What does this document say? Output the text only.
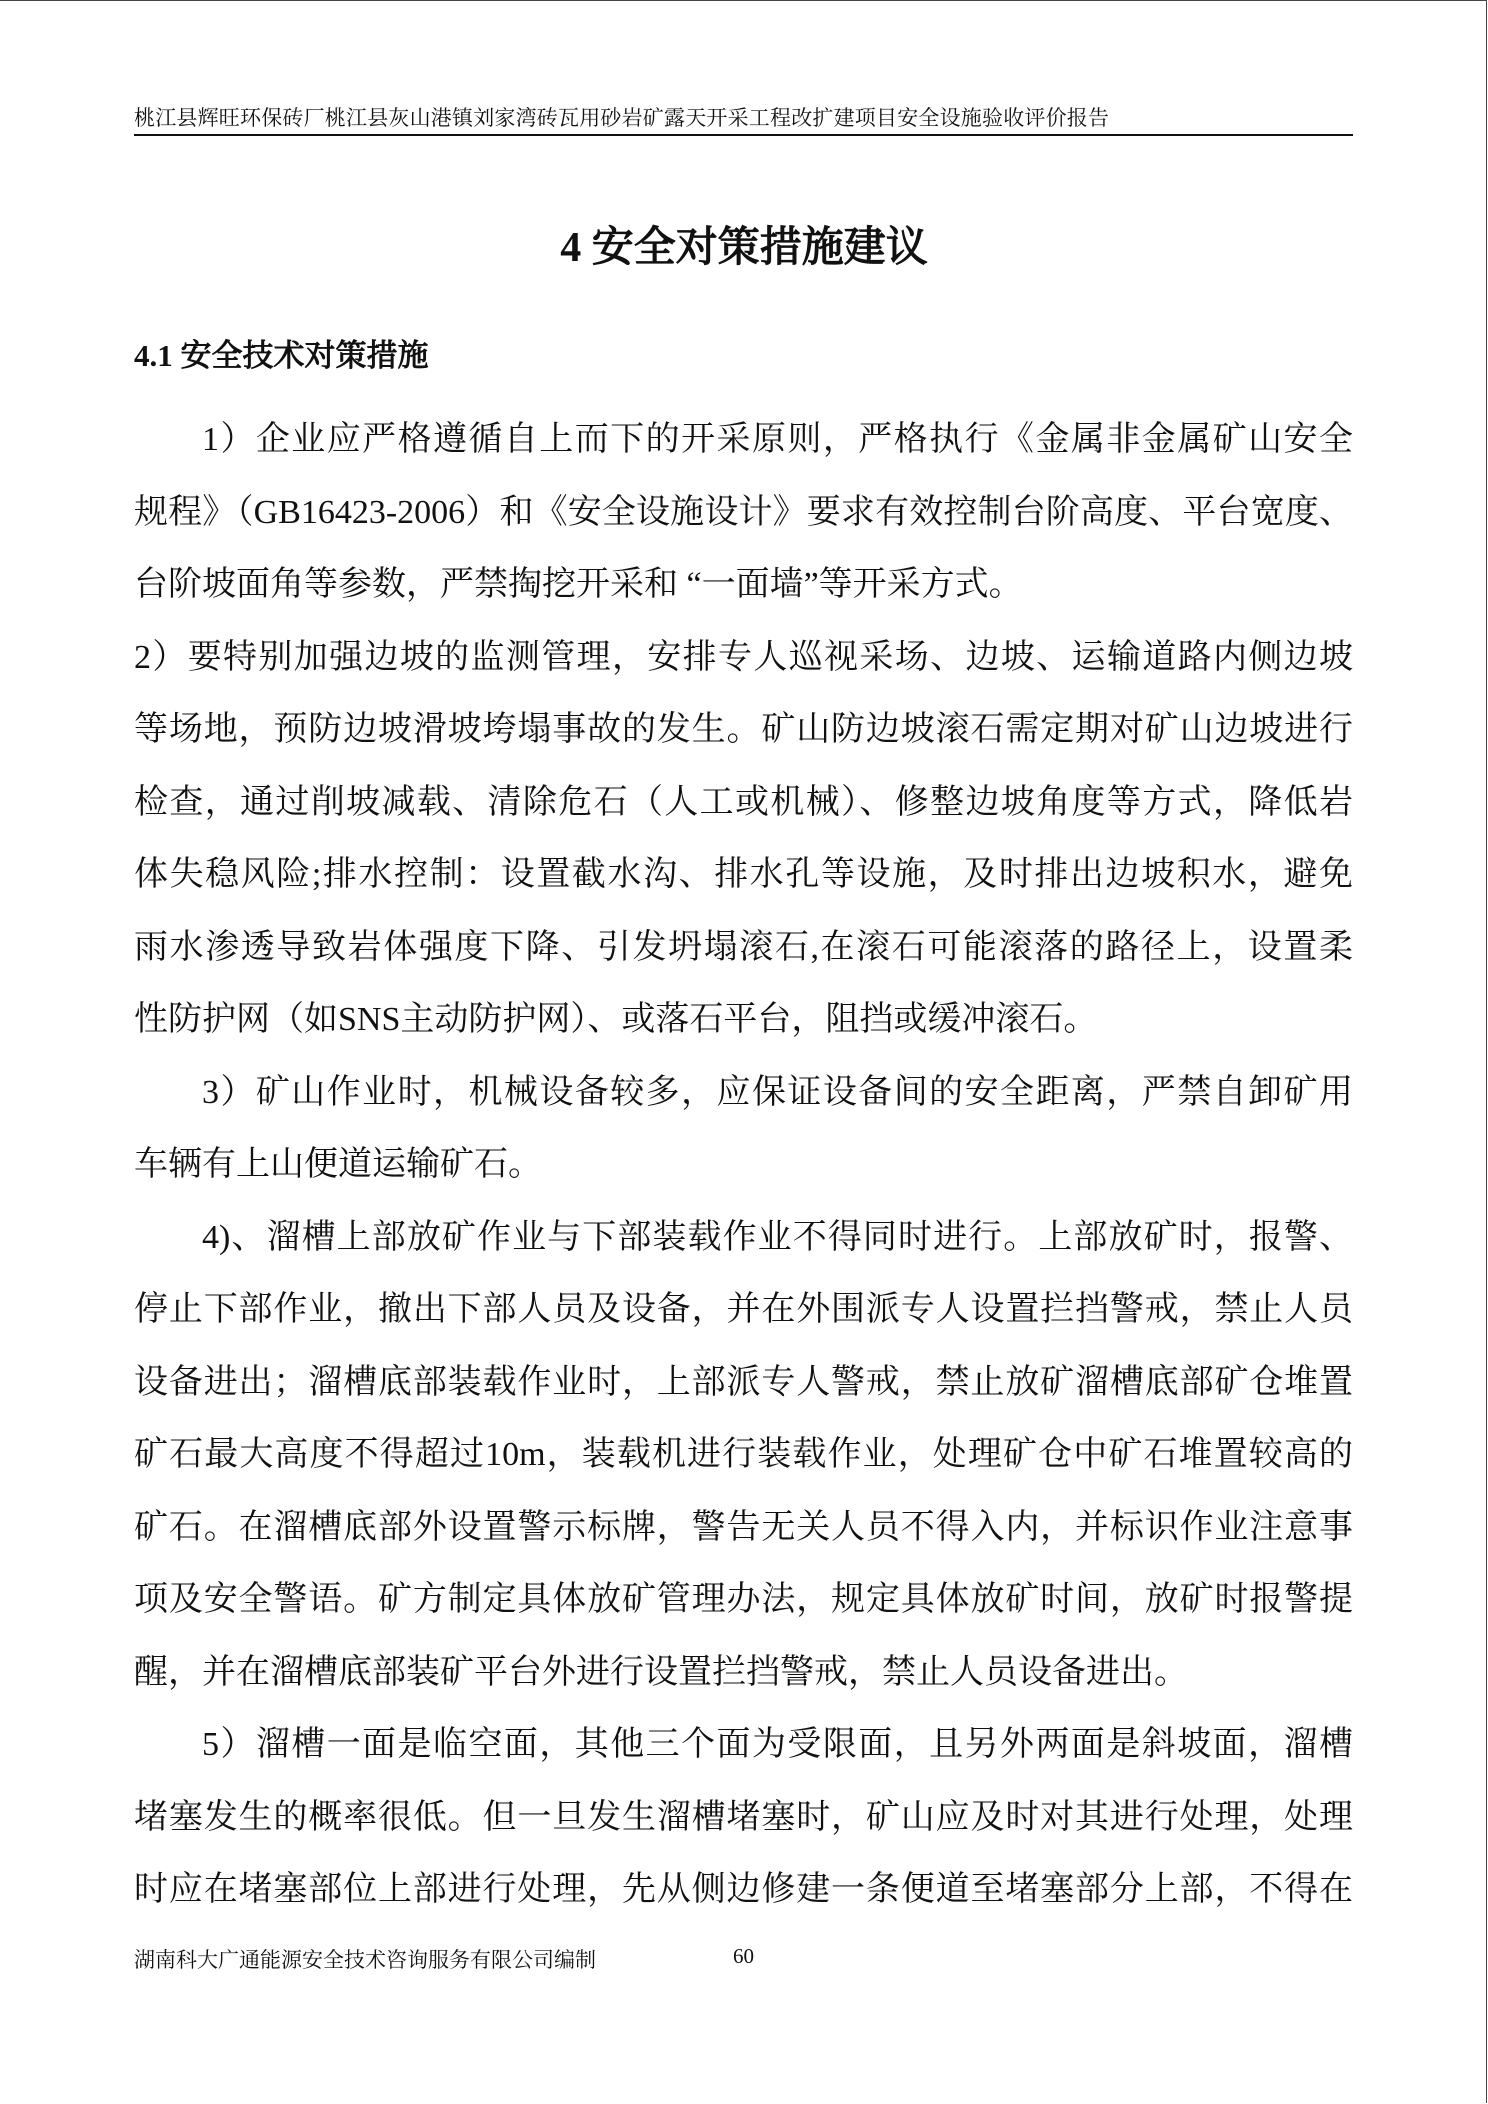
桃江县辉旺环保砖厂桃江县灰山港镇刘家湾砖瓦用砂岩矿露天开采工程改扩建项目安全设施验收评价报告
4 安全对策措施建议
4.1 安全技术对策措施
1）企业应严格遵循自上而下的开采原则，严格执行《金属非金属矿山安全
规程》（GB16423-2006）和《安全设施设计》要求有效控制台阶高度、平台宽度、
台阶坡面角等参数，严禁掏挖开采和 “一面墙”等开采方式。
2）要特别加强边坡的监测管理，安排专人巡视采场、边坡、运输道路内侧边坡
等场地，预防边坡滑坡垮塌事故的发生。矿山防边坡滚石需定期对矿山边坡进行
检查，通过削坡减载、清除危石（人工或机械）、修整边坡角度等方式，降低岩
体失稳风险;排水控制：设置截水沟、排水孔等设施，及时排出边坡积水，避免
雨水渗透导致岩体强度下降、引发坍塌滚石,在滚石可能滚落的路径上，设置柔
性防护网（如SNS主动防护网）、或落石平台，阻挡或缓冲滚石。
3）矿山作业时，机械设备较多，应保证设备间的安全距离，严禁自卸矿用
车辆有上山便道运输矿石。
4)、溜槽上部放矿作业与下部装载作业不得同时进行。上部放矿时，报警、
停止下部作业，撤出下部人员及设备，并在外围派专人设置拦挡警戒，禁止人员
设备进出；溜槽底部装载作业时，上部派专人警戒，禁止放矿溜槽底部矿仓堆置
矿石最大高度不得超过10m，装载机进行装载作业，处理矿仓中矿石堆置较高的
矿石。在溜槽底部外设置警示标牌，警告无关人员不得入内，并标识作业注意事
项及安全警语。矿方制定具体放矿管理办法，规定具体放矿时间，放矿时报警提
醒，并在溜槽底部装矿平台外进行设置拦挡警戒，禁止人员设备进出。
5）溜槽一面是临空面，其他三个面为受限面，且另外两面是斜坡面，溜槽
堵塞发生的概率很低。但一旦发生溜槽堵塞时，矿山应及时对其进行处理，处理
时应在堵塞部位上部进行处理，先从侧边修建一条便道至堵塞部分上部，不得在
湖南科大广通能源安全技术咨询服务有限公司编制	60
